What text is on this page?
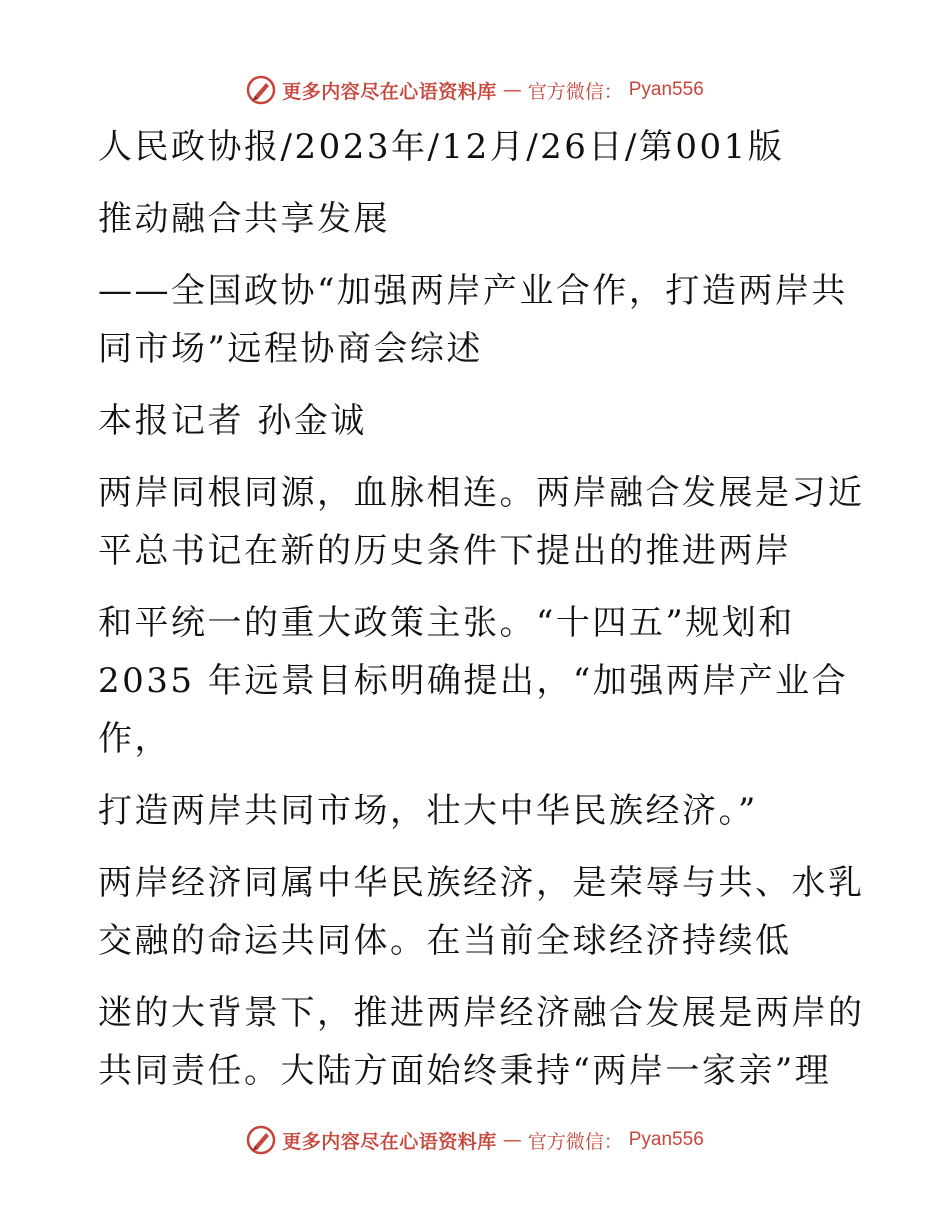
更多内容尽在心语资料库 — 官方微信： Pyan556
人民政协报/2023年/12月/26日/第001版
推动融合共享发展
——全国政协“加强两岸产业合作，打造两岸共
同市场”远程协商会综述
本报记者 孙金诚
两岸同根同源，血脉相连。两岸融合发展是习近
平总书记在新的历史条件下提出的推进两岸
和平统一的重大政策主张。“十四五”规划和
2035 年远景目标明确提出，“加强两岸产业合
作，
打造两岸共同市场，壮大中华民族经济。”
两岸经济同属中华民族经济，是荣辱与共、水乳
交融的命运共同体。在当前全球经济持续低
迷的大背景下，推进两岸经济融合发展是两岸的
共同责任。大陆方面始终秉持“两岸一家亲”理
更多内容尽在心语资料库 — 官方微信： Pyan556
